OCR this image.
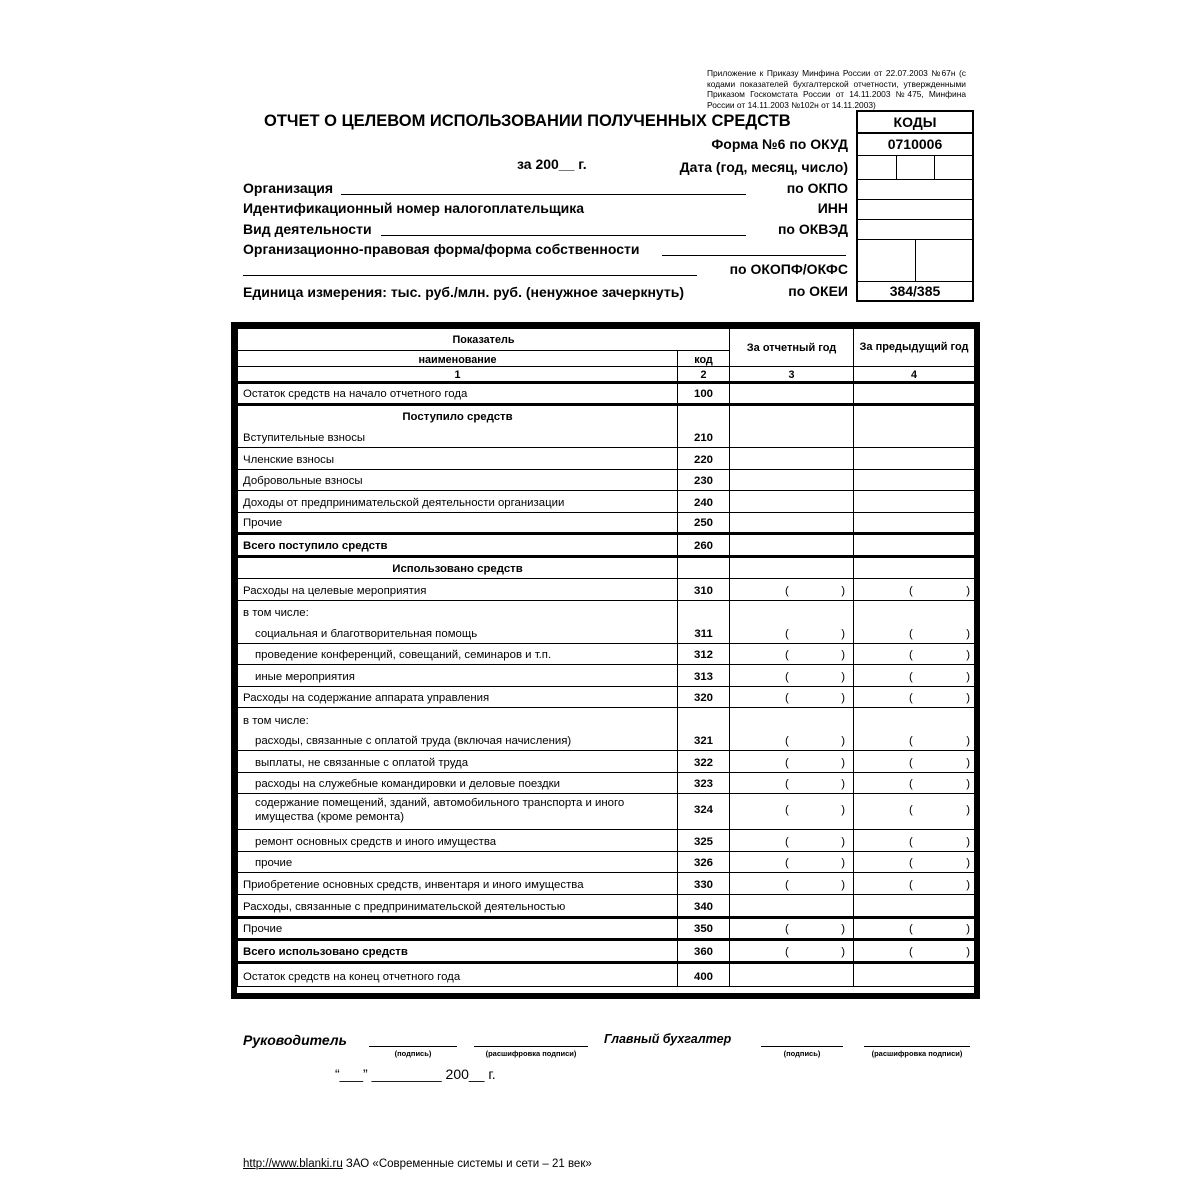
Приложение к Приказу Минфина России от 22.07.2003 №67н (с кодами показателей бухгалтерской отчетности, утвержденными Приказом Госкомстата России от 14.11.2003 №475, Минфина России от 14.11.2003 №102н от 14.11.2003)
ОТЧЕТ О ЦЕЛЕВОМ ИСПОЛЬЗОВАНИИ ПОЛУЧЕННЫХ СРЕДСТВ
Форма №6 по ОКУД
за 200__ г.	Дата (год, месяц, число)
Организация	по ОКПО
Идентификационный номер налогоплательщика	ИНН
Вид деятельности	по ОКВЭД
Организационно-правовая форма/форма собственности
по ОКОПФ/ОКФС
Единица измерения: тыс. руб./млн. руб. (ненужное зачеркнуть)	по ОКЕИ
КОДЫ
0710006
384/385
Показатель		За отчетный год	За предыдущий год
наименование	код		
1	2	3	4
Остаток средств на начало отчетного года	100		
Поступило средств			
Вступительные взносы	210		
Членские взносы	220		
Добровольные взносы	230		
Доходы от предпринимательской деятельности организации	240		
Прочие	250		
Всего поступило средств	260		
Использовано средств			
Расходы на целевые мероприятия	310	( )	( )

в том числе:			
социальная и благотворительная помощь	311	( )	( )

проведение конференций, совещаний, семинаров и т.п.	312	( )	( )

иные мероприятия	313	( )	( )

Расходы на содержание аппарата управления	320	( )	( )

в том числе:			
расходы, связанные с оплатой труда (включая начисления)	321	( )	( )

выплаты, не связанные с оплатой труда	322	( )	( )

расходы на служебные командировки и деловые поездки	323	( )	( )

содержание помещений, зданий, автомобильного транспорта и иного имущества (кроме ремонта)	324	( )	( )

ремонт основных средств и иного имущества	325	( )	( )

прочие	326	( )	( )

Приобретение основных средств, инвентаря и иного имущества	330	( )	( )

Расходы, связанные с предпринимательской деятельностью	340		
Прочие	350	( )	( )

Всего использовано средств	360	( )	( )

Остаток средств на конец отчетного года	400		
Руководитель
(подпись)	(расшифровка подписи)
Главный бухгалтер
(подпись)	(расшифровка подписи)
“___” _________ 200__ г.
http://www.blanki.ru ЗАО «Современные системы и сети – 21 век»
